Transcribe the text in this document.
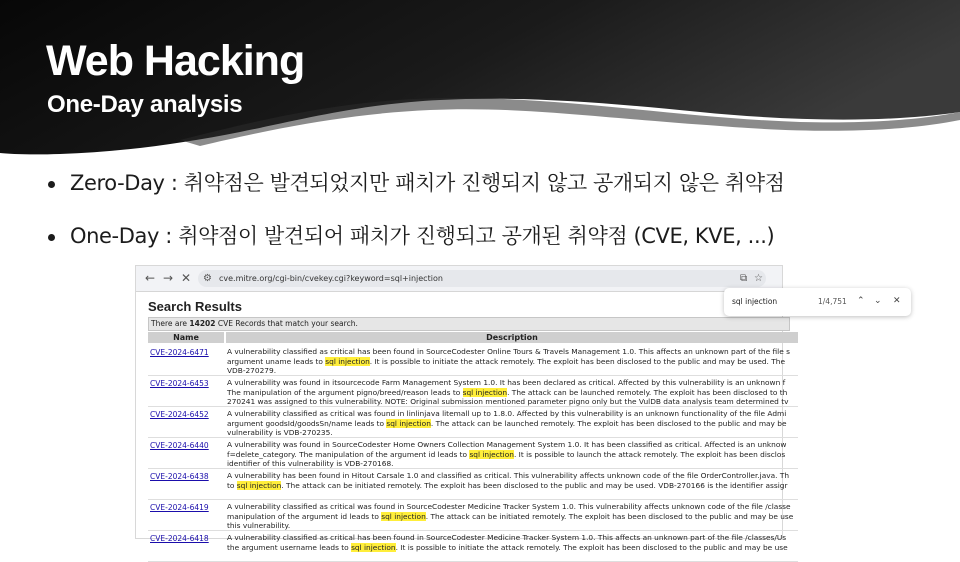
Web Hacking
One-Day analysis
Zero-Day : 취약점은 발견되었지만 패치가 진행되지 않고 공개되지 않은 취약점
One-Day : 취약점이 발견되어 패치가 진행되고 공개된 취약점 (CVE, KVE, ...)
← → ✕ ⚙ cve.mitre.org/cgi-bin/cvekey.cgi?keyword=sql+injection	⧉ ☆
sql injection	1/4,751 ⌃ ⌄ ✕
Search Results
There are 14202 CVE Records that match your search.
Name	Description
CVE-2024-6471 A vulnerability classified as critical has been found in SourceCodester Online Tours & Travels Management 1.0. This affects an unknown part of the file s
argument uname leads to sql injection. It is possible to initiate the attack remotely. The exploit has been disclosed to the public and may be used. The
VDB-270279.
CVE-2024-6453 A vulnerability was found in itsourcecode Farm Management System 1.0. It has been declared as critical. Affected by this vulnerability is an unknown f
The manipulation of the argument pigno/breed/reason leads to sql injection. The attack can be launched remotely. The exploit has been disclosed to th
270241 was assigned to this vulnerability. NOTE: Original submission mentioned parameter pigno only but the VulDB data analysis team determined tv
CVE-2024-6452 A vulnerability classified as critical was found in linlinjava litemall up to 1.8.0. Affected by this vulnerability is an unknown functionality of the file Admi
argument goodsId/goodsSn/name leads to sql injection. The attack can be launched remotely. The exploit has been disclosed to the public and may be
vulnerability is VDB-270235.
CVE-2024-6440 A vulnerability was found in SourceCodester Home Owners Collection Management System 1.0. It has been classified as critical. Affected is an unknow
f=delete_category. The manipulation of the argument id leads to sql injection. It is possible to launch the attack remotely. The exploit has been disclos
identifier of this vulnerability is VDB-270168.
CVE-2024-6438 A vulnerability has been found in Hitout Carsale 1.0 and classified as critical. This vulnerability affects unknown code of the file OrderController.java. Th
to sql injection. The attack can be initiated remotely. The exploit has been disclosed to the public and may be used. VDB-270166 is the identifier assigr
CVE-2024-6419 A vulnerability classified as critical was found in SourceCodester Medicine Tracker System 1.0. This vulnerability affects unknown code of the file /classe
manipulation of the argument id leads to sql injection. The attack can be initiated remotely. The exploit has been disclosed to the public and may be use
this vulnerability.
CVE-2024-6418 A vulnerability classified as critical has been found in SourceCodester Medicine Tracker System 1.0. This affects an unknown part of the file /classes/Us
the argument username leads to sql injection. It is possible to initiate the attack remotely. The exploit has been disclosed to the public and may be use
